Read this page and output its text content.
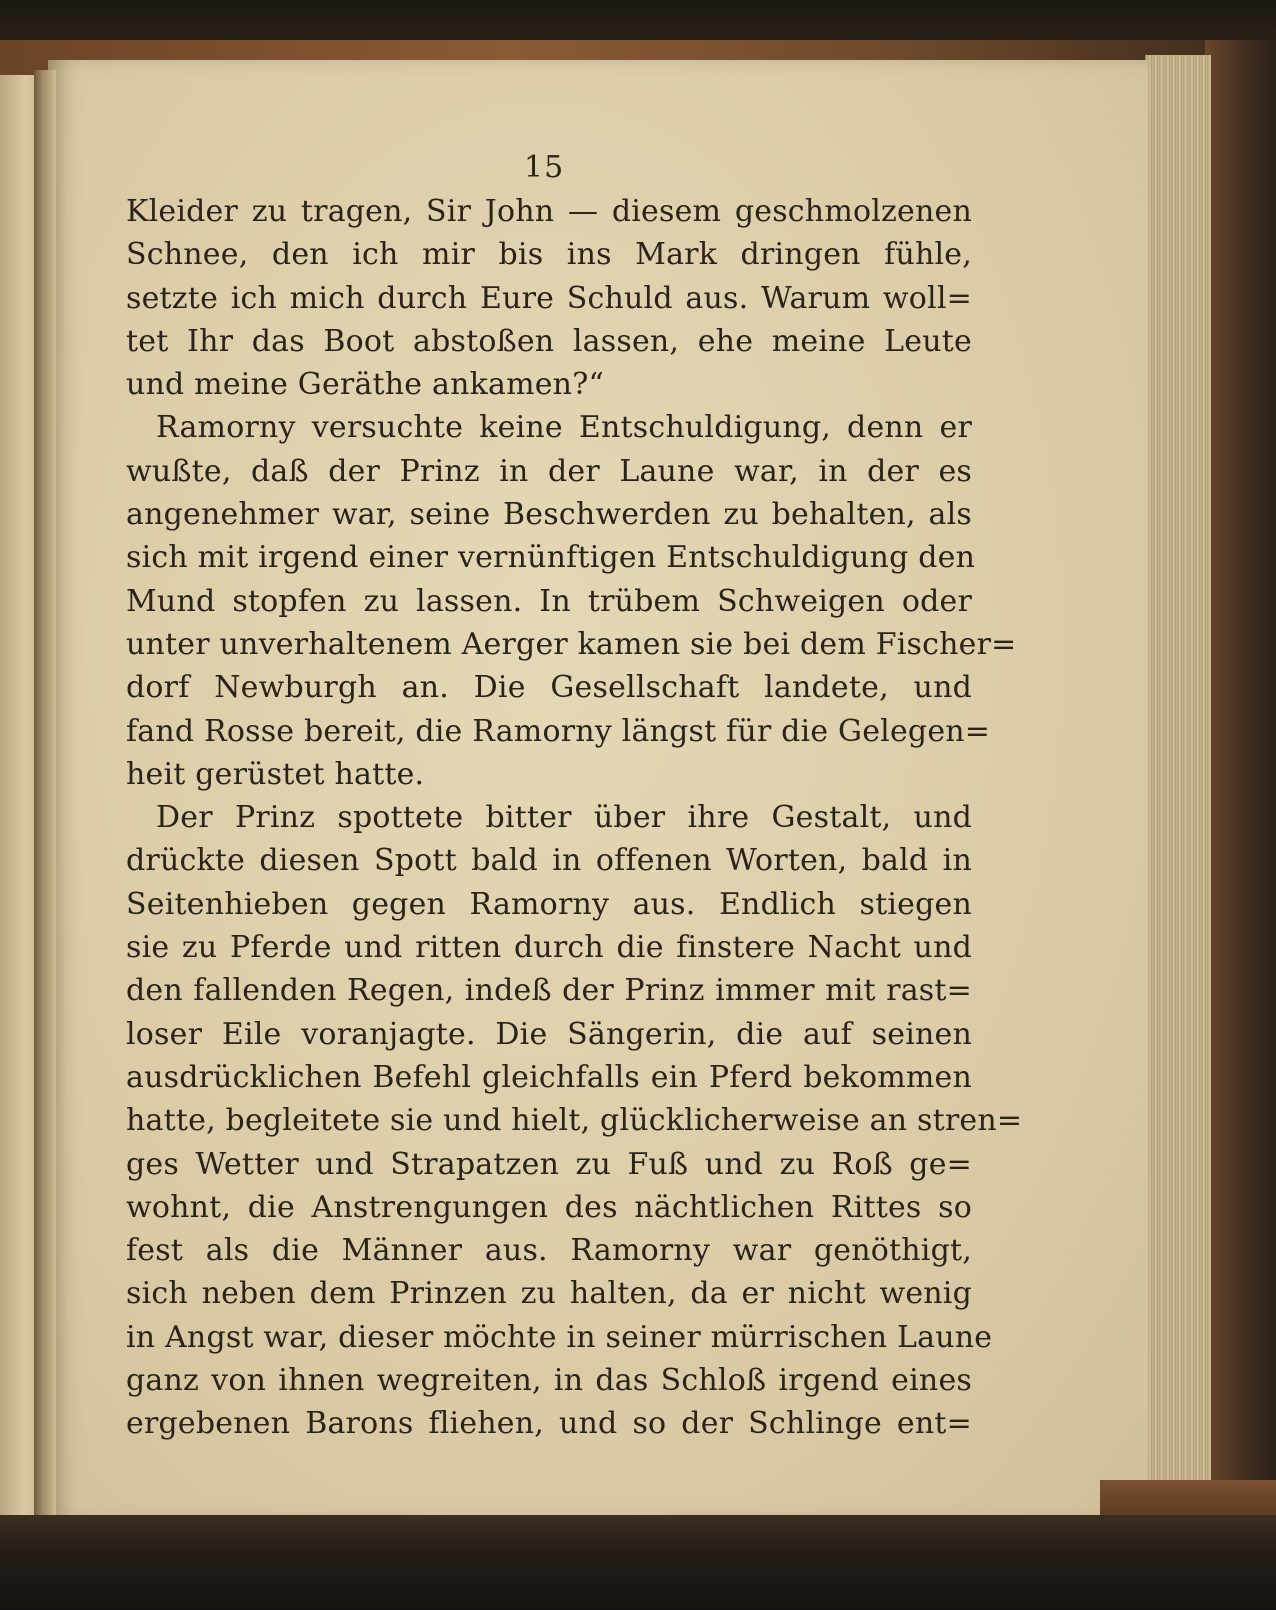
15
Kleider zu tragen, Sir John — diesem geschmolzenen
Schnee, den ich mir bis ins Mark dringen fühle,
setzte ich mich durch Eure Schuld aus. Warum woll=
tet Ihr das Boot abstoßen lassen, ehe meine Leute
und meine Geräthe ankamen?“
Ramorny versuchte keine Entschuldigung, denn er
wußte, daß der Prinz in der Laune war, in der es
angenehmer war, seine Beschwerden zu behalten, als
sich mit irgend einer vernünftigen Entschuldigung den
Mund stopfen zu lassen. In trübem Schweigen oder
unter unverhaltenem Aerger kamen sie bei dem Fischer=
dorf Newburgh an. Die Gesellschaft landete, und
fand Rosse bereit, die Ramorny längst für die Gelegen=
heit gerüstet hatte.
Der Prinz spottete bitter über ihre Gestalt, und
drückte diesen Spott bald in offenen Worten, bald in
Seitenhieben gegen Ramorny aus. Endlich stiegen
sie zu Pferde und ritten durch die finstere Nacht und
den fallenden Regen, indeß der Prinz immer mit rast=
loser Eile voranjagte. Die Sängerin, die auf seinen
ausdrücklichen Befehl gleichfalls ein Pferd bekommen
hatte, begleitete sie und hielt, glücklicherweise an stren=
ges Wetter und Strapatzen zu Fuß und zu Roß ge=
wohnt, die Anstrengungen des nächtlichen Rittes so
fest als die Männer aus. Ramorny war genöthigt,
sich neben dem Prinzen zu halten, da er nicht wenig
in Angst war, dieser möchte in seiner mürrischen Laune
ganz von ihnen wegreiten, in das Schloß irgend eines
ergebenen Barons fliehen, und so der Schlinge ent=
